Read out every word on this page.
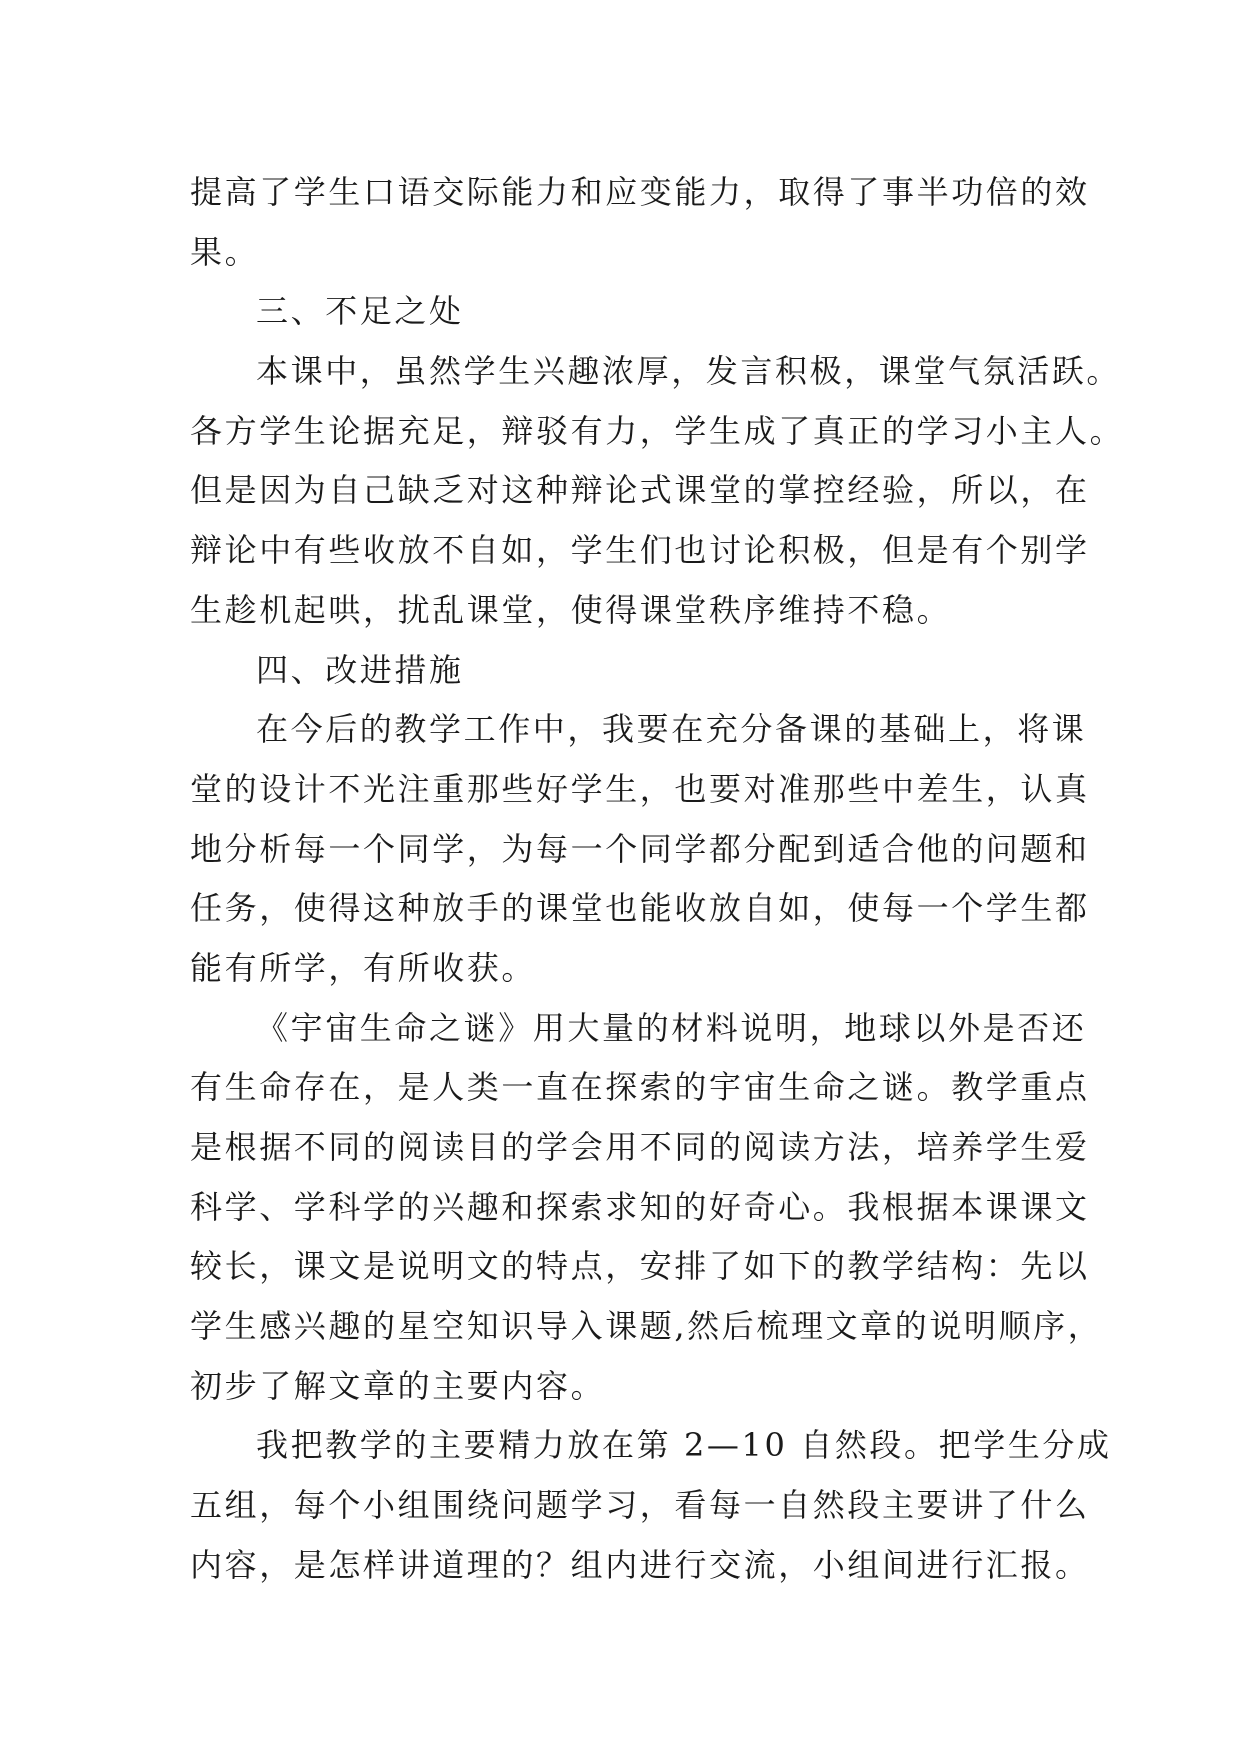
提高了学生口语交际能力和应变能力，取得了事半功倍的效
果。
三、不足之处
本课中，虽然学生兴趣浓厚，发言积极，课堂气氛活跃。
各方学生论据充足，辩驳有力，学生成了真正的学习小主人。
但是因为自己缺乏对这种辩论式课堂的掌控经验，所以，在
辩论中有些收放不自如，学生们也讨论积极，但是有个别学
生趁机起哄，扰乱课堂，使得课堂秩序维持不稳。
四、改进措施
在今后的教学工作中，我要在充分备课的基础上，将课
堂的设计不光注重那些好学生，也要对准那些中差生，认真
地分析每一个同学，为每一个同学都分配到适合他的问题和
任务，使得这种放手的课堂也能收放自如，使每一个学生都
能有所学，有所收获。
《宇宙生命之谜》用大量的材料说明，地球以外是否还
有生命存在，是人类一直在探索的宇宙生命之谜。教学重点
是根据不同的阅读目的学会用不同的阅读方法，培养学生爱
科学、学科学的兴趣和探索求知的好奇心。我根据本课课文
较长，课文是说明文的特点，安排了如下的教学结构：先以
学生感兴趣的星空知识导入课题,然后梳理文章的说明顺序，
初步了解文章的主要内容。
我把教学的主要精力放在第 2—10 自然段。把学生分成
五组，每个小组围绕问题学习，看每一自然段主要讲了什么
内容，是怎样讲道理的？组内进行交流，小组间进行汇报。
